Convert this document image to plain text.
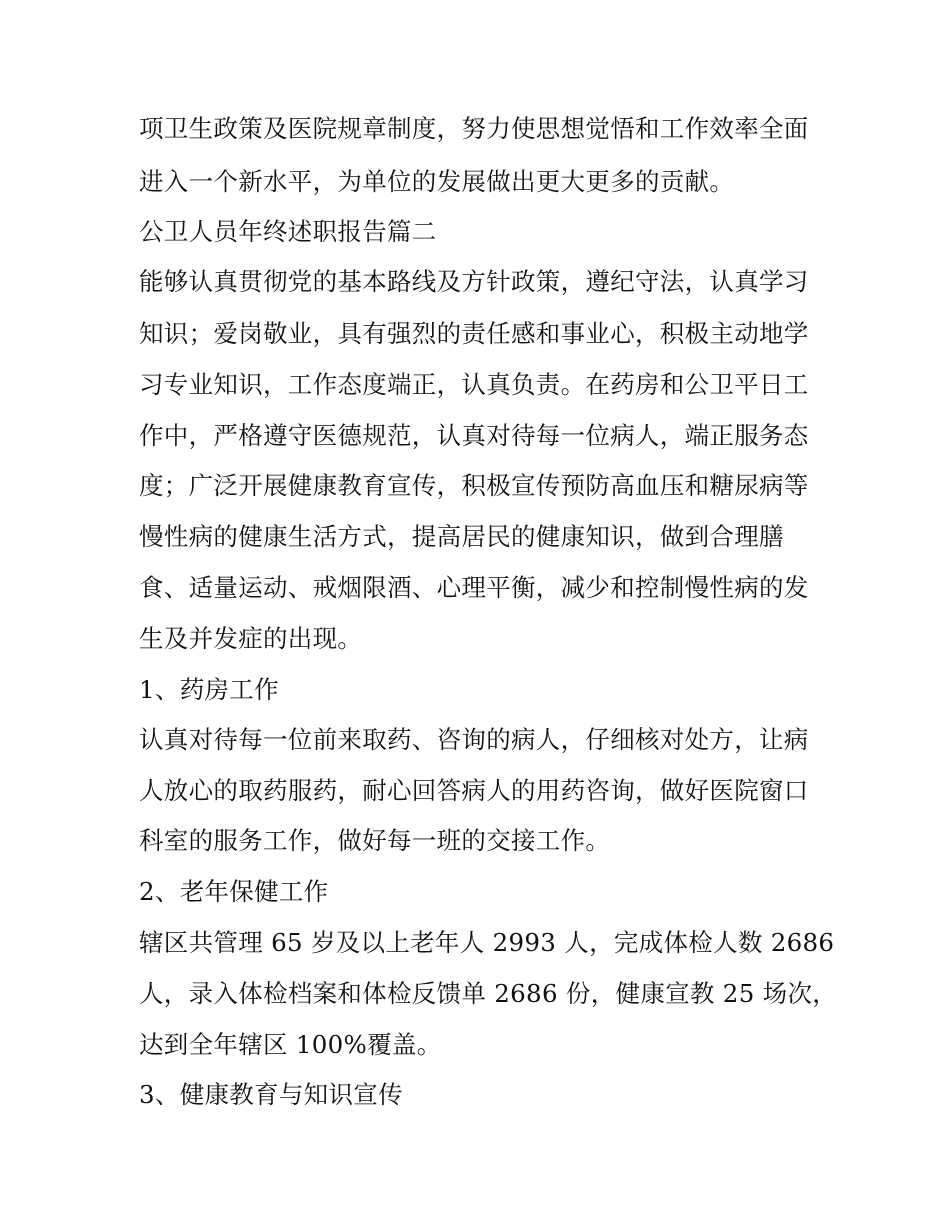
项卫生政策及医院规章制度，努力使思想觉悟和工作效率全面
进入一个新水平，为单位的发展做出更大更多的贡献。
公卫人员年终述职报告篇二
能够认真贯彻党的基本路线及方针政策，遵纪守法，认真学习
知识；爱岗敬业，具有强烈的责任感和事业心，积极主动地学
习专业知识，工作态度端正，认真负责。在药房和公卫平日工
作中，严格遵守医德规范，认真对待每一位病人，端正服务态
度；广泛开展健康教育宣传，积极宣传预防高血压和糖尿病等
慢性病的健康生活方式，提高居民的健康知识，做到合理膳
食、适量运动、戒烟限酒、心理平衡，减少和控制慢性病的发
生及并发症的出现。
1、药房工作
认真对待每一位前来取药、咨询的病人，仔细核对处方，让病
人放心的取药服药，耐心回答病人的用药咨询，做好医院窗口
科室的服务工作，做好每一班的交接工作。
2、老年保健工作
辖区共管理 65 岁及以上老年人 2993 人，完成体检人数 2686
人，录入体检档案和体检反馈单 2686 份，健康宣教 25 场次，
达到全年辖区 100%覆盖。
3、健康教育与知识宣传
